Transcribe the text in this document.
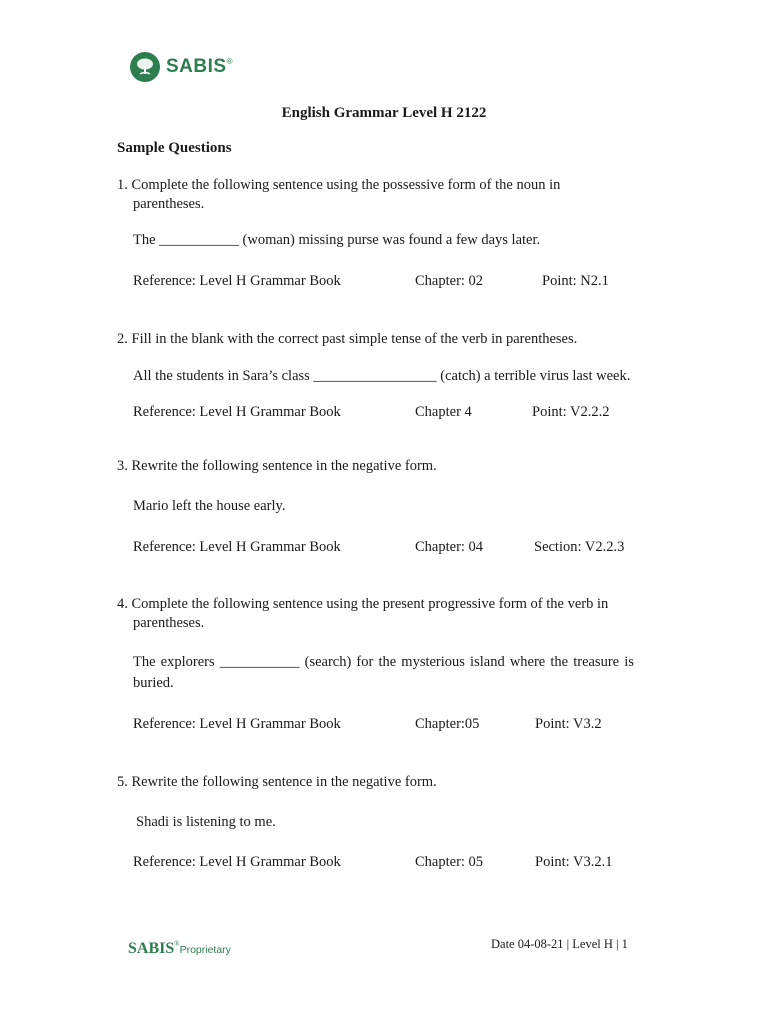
SABIS®
English Grammar Level H 2122
Sample Questions
1. Complete the following sentence using the possessive form of the noun in
parentheses.
The ___________ (woman) missing purse was found a few days later.
Reference: Level H Grammar Book	Chapter: 02	Point: N2.1
2. Fill in the blank with the correct past simple tense of the verb in parentheses.
All the students in Sara’s class _________________ (catch) a terrible virus last week.
Reference: Level H Grammar Book	Chapter 4	Point: V2.2.2
3. Rewrite the following sentence in the negative form.
Mario left the house early.
Reference: Level H Grammar Book	Chapter: 04	Section: V2.2.3
4. Complete the following sentence using the present progressive form of the verb in
parentheses.
The explorers ___________ (search) for the mysterious island where the treasure is
buried.
Reference: Level H Grammar Book	Chapter:05	Point: V3.2
5. Rewrite the following sentence in the negative form.
Shadi is listening to me.
Reference: Level H Grammar Book	Chapter: 05	Point: V3.2.1
SABIS®Proprietary	Date 04-08-21 | Level H | 1
